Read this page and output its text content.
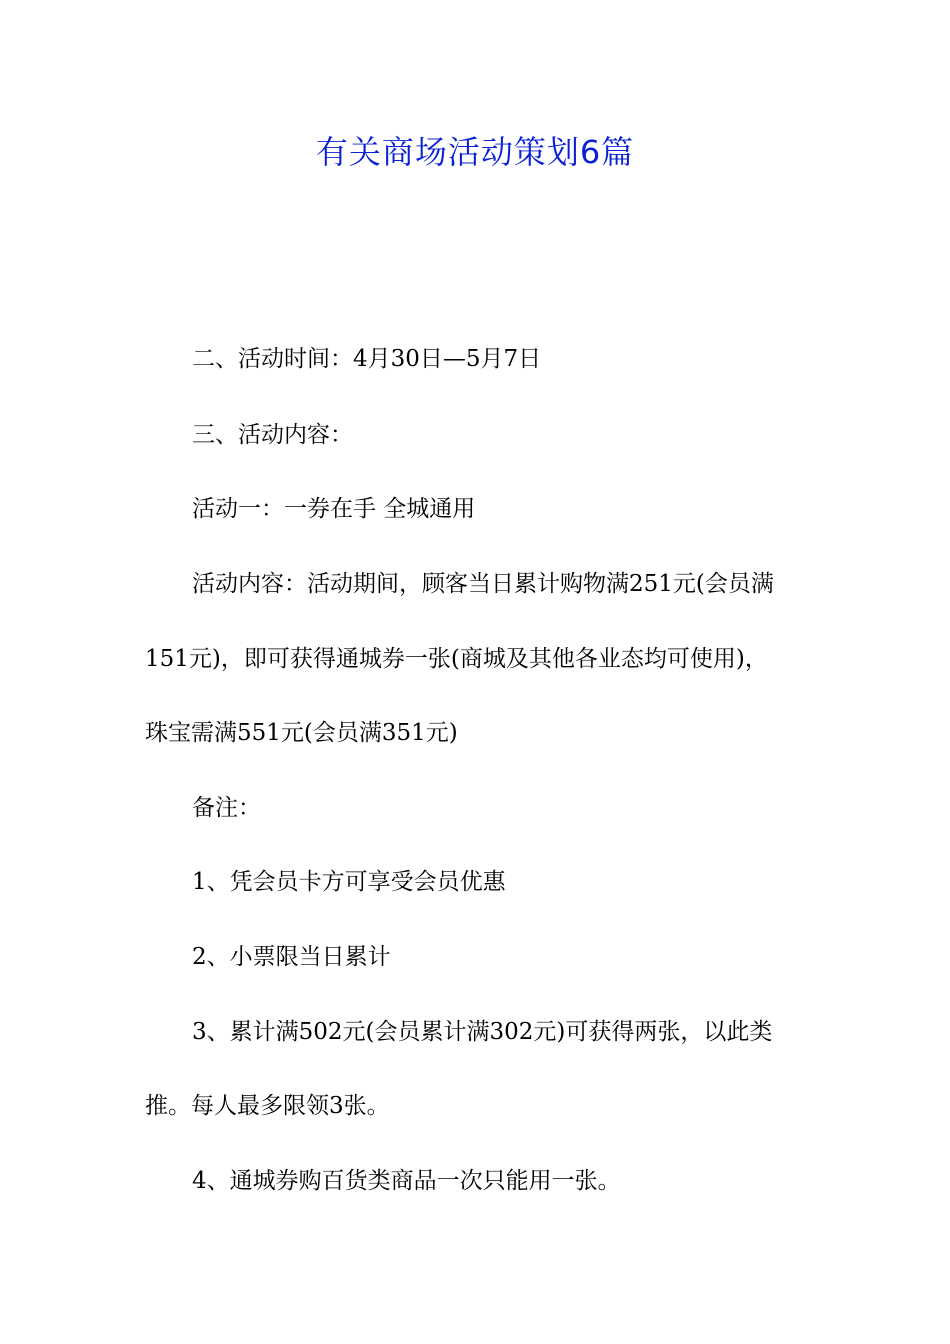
有关商场活动策划6篇
二、活动时间：4月30日—5月7日
三、活动内容：
活动一：一券在手 全城通用
活动内容：活动期间，顾客当日累计购物满251元(会员满
151元)，即可获得通城券一张(商城及其他各业态均可使用)，
珠宝需满551元(会员满351元)
备注：
1、凭会员卡方可享受会员优惠
2、小票限当日累计
3、累计满502元(会员累计满302元)可获得两张，以此类
推。每人最多限领3张。
4、通城券购百货类商品一次只能用一张。
